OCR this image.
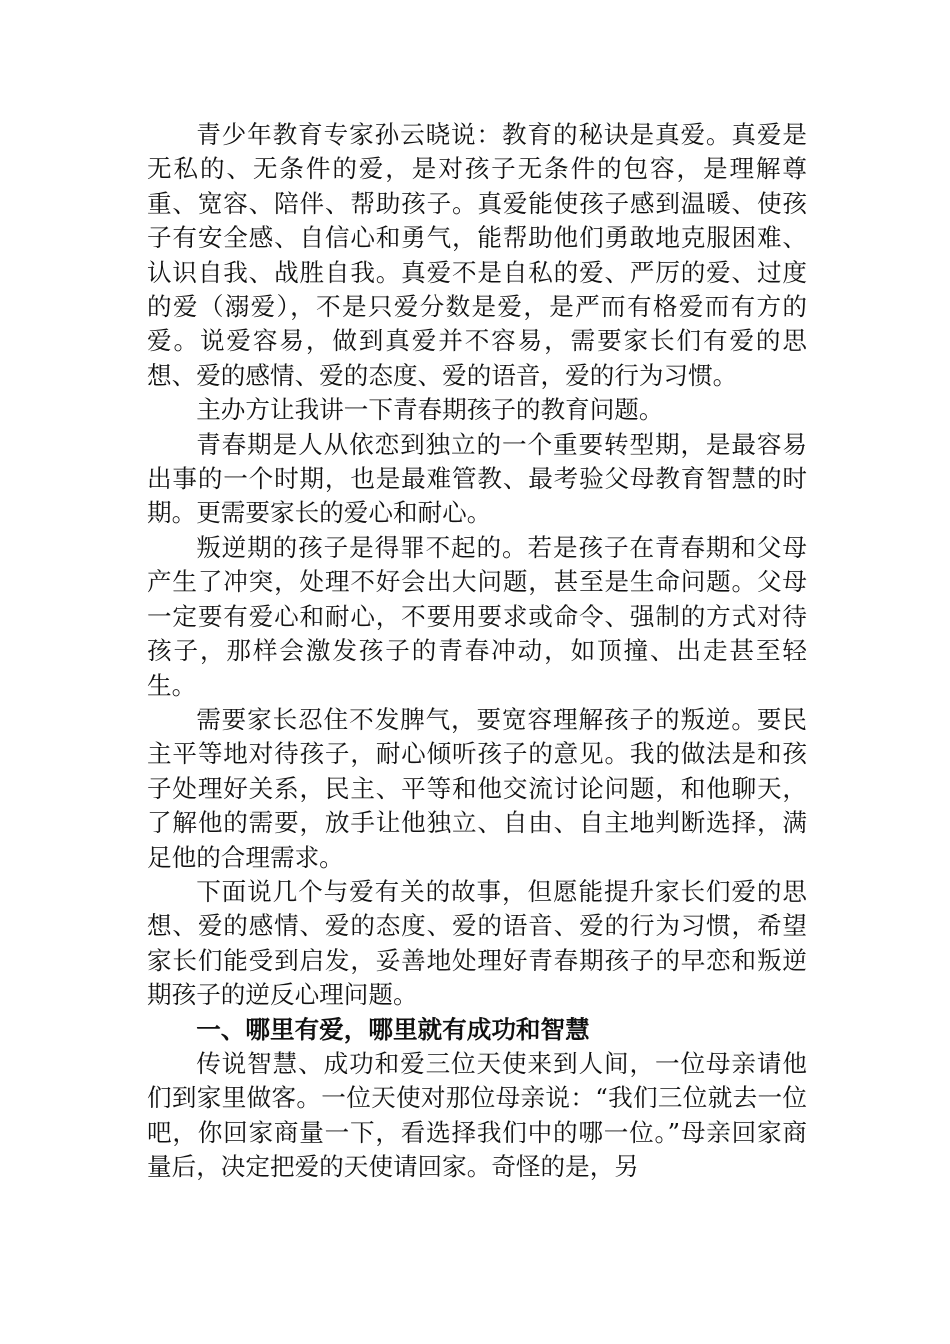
青少年教育专家孙云晓说：教育的秘诀是真爱。真爱是无私的、无条件的爱，是对孩子无条件的包容，是理解尊重、宽容、陪伴、帮助孩子。真爱能使孩子感到温暖、使孩子有安全感、自信心和勇气，能帮助他们勇敢地克服困难、认识自我、战胜自我。真爱不是自私的爱、严厉的爱、过度的爱（溺爱），不是只爱分数是爱，是严而有格爱而有方的爱。说爱容易，做到真爱并不容易，需要家长们有爱的思想、爱的感情、爱的态度、爱的语音，爱的行为习惯。

主办方让我讲一下青春期孩子的教育问题。

青春期是人从依恋到独立的一个重要转型期，是最容易出事的一个时期，也是最难管教、最考验父母教育智慧的时期。更需要家长的爱心和耐心。

叛逆期的孩子是得罪不起的。若是孩子在青春期和父母产生了冲突，处理不好会出大问题，甚至是生命问题。父母一定要有爱心和耐心，不要用要求或命令、强制的方式对待孩子，那样会激发孩子的青春冲动，如顶撞、出走甚至轻生。

需要家长忍住不发脾气，要宽容理解孩子的叛逆。要民主平等地对待孩子，耐心倾听孩子的意见。我的做法是和孩子处理好关系，民主、平等和他交流讨论问题，和他聊天，了解他的需要，放手让他独立、自由、自主地判断选择，满足他的合理需求。

下面说几个与爱有关的故事，但愿能提升家长们爱的思想、爱的感情、爱的态度、爱的语音、爱的行为习惯，希望家长们能受到启发，妥善地处理好青春期孩子的早恋和叛逆期孩子的逆反心理问题。

一、哪里有爱，哪里就有成功和智慧

传说智慧、成功和爱三位天使来到人间，一位母亲请他们到家里做客。一位天使对那位母亲说：“我们三位就去一位吧，你回家商量一下，看选择我们中的哪一位。”母亲回家商量后，决定把爱的天使请回家。奇怪的是，另
